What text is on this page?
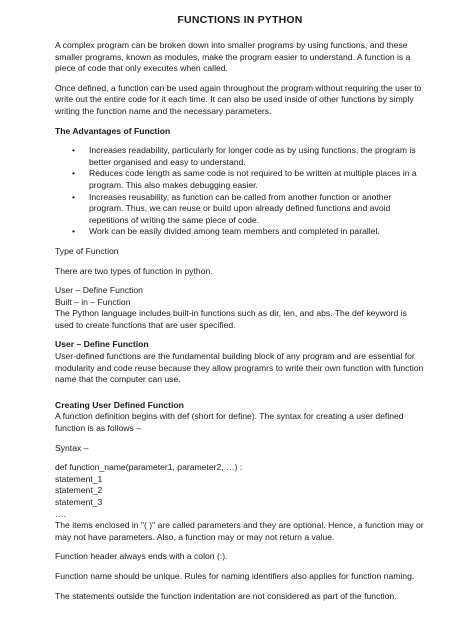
FUNCTIONS IN PYTHON

A complex program can be broken down into smaller programs by using functions, and these smaller programs, known as modules, make the program easier to understand. A function is a piece of code that only executes when called.

Once defined, a function can be used again throughout the program without requiring the user to write out the entire code for it each time. It can also be used inside of other functions by simply writing the function name and the necessary parameters.

The Advantages of Function
• Increases readability, particularly for longer code as by using functions, the program is better organised and easy to understand.
• Reduces code length as same code is not required to be written at multiple places in a program. This also makes debugging easier.
• Increases reusability, as function can be called from another function or another program. Thus, we can reuse or build upon already defined functions and avoid repetitions of writing the same piece of code.
• Work can be easily divided among team members and completed in parallel.

Type of Function

There are two types of function in python.

User – Define Function
Built – in – Function
The Python language includes built-in functions such as dir, len, and abs. The def keyword is used to create functions that are user specified.

User – Define Function

User-defined functions are the fundamental building block of any program and are essential for modularity and code reuse because they allow programrs to write their own function with function name that the computer can use.

Creating User Defined Function

A function definition begins with def (short for define). The syntax for creating a user defined function is as follows –

Syntax –

def function_name(parameter1, parameter2, …) :
statement_1
statement_2
statement_3
….
The items enclosed in "( )" are called parameters and they are optional. Hence, a function may or may not have parameters. Also, a function may or may not return a value.

Function header always ends with a colon (:).

Function name should be unique. Rules for naming identifiers also applies for function naming.

The statements outside the function indentation are not considered as part of the function.
